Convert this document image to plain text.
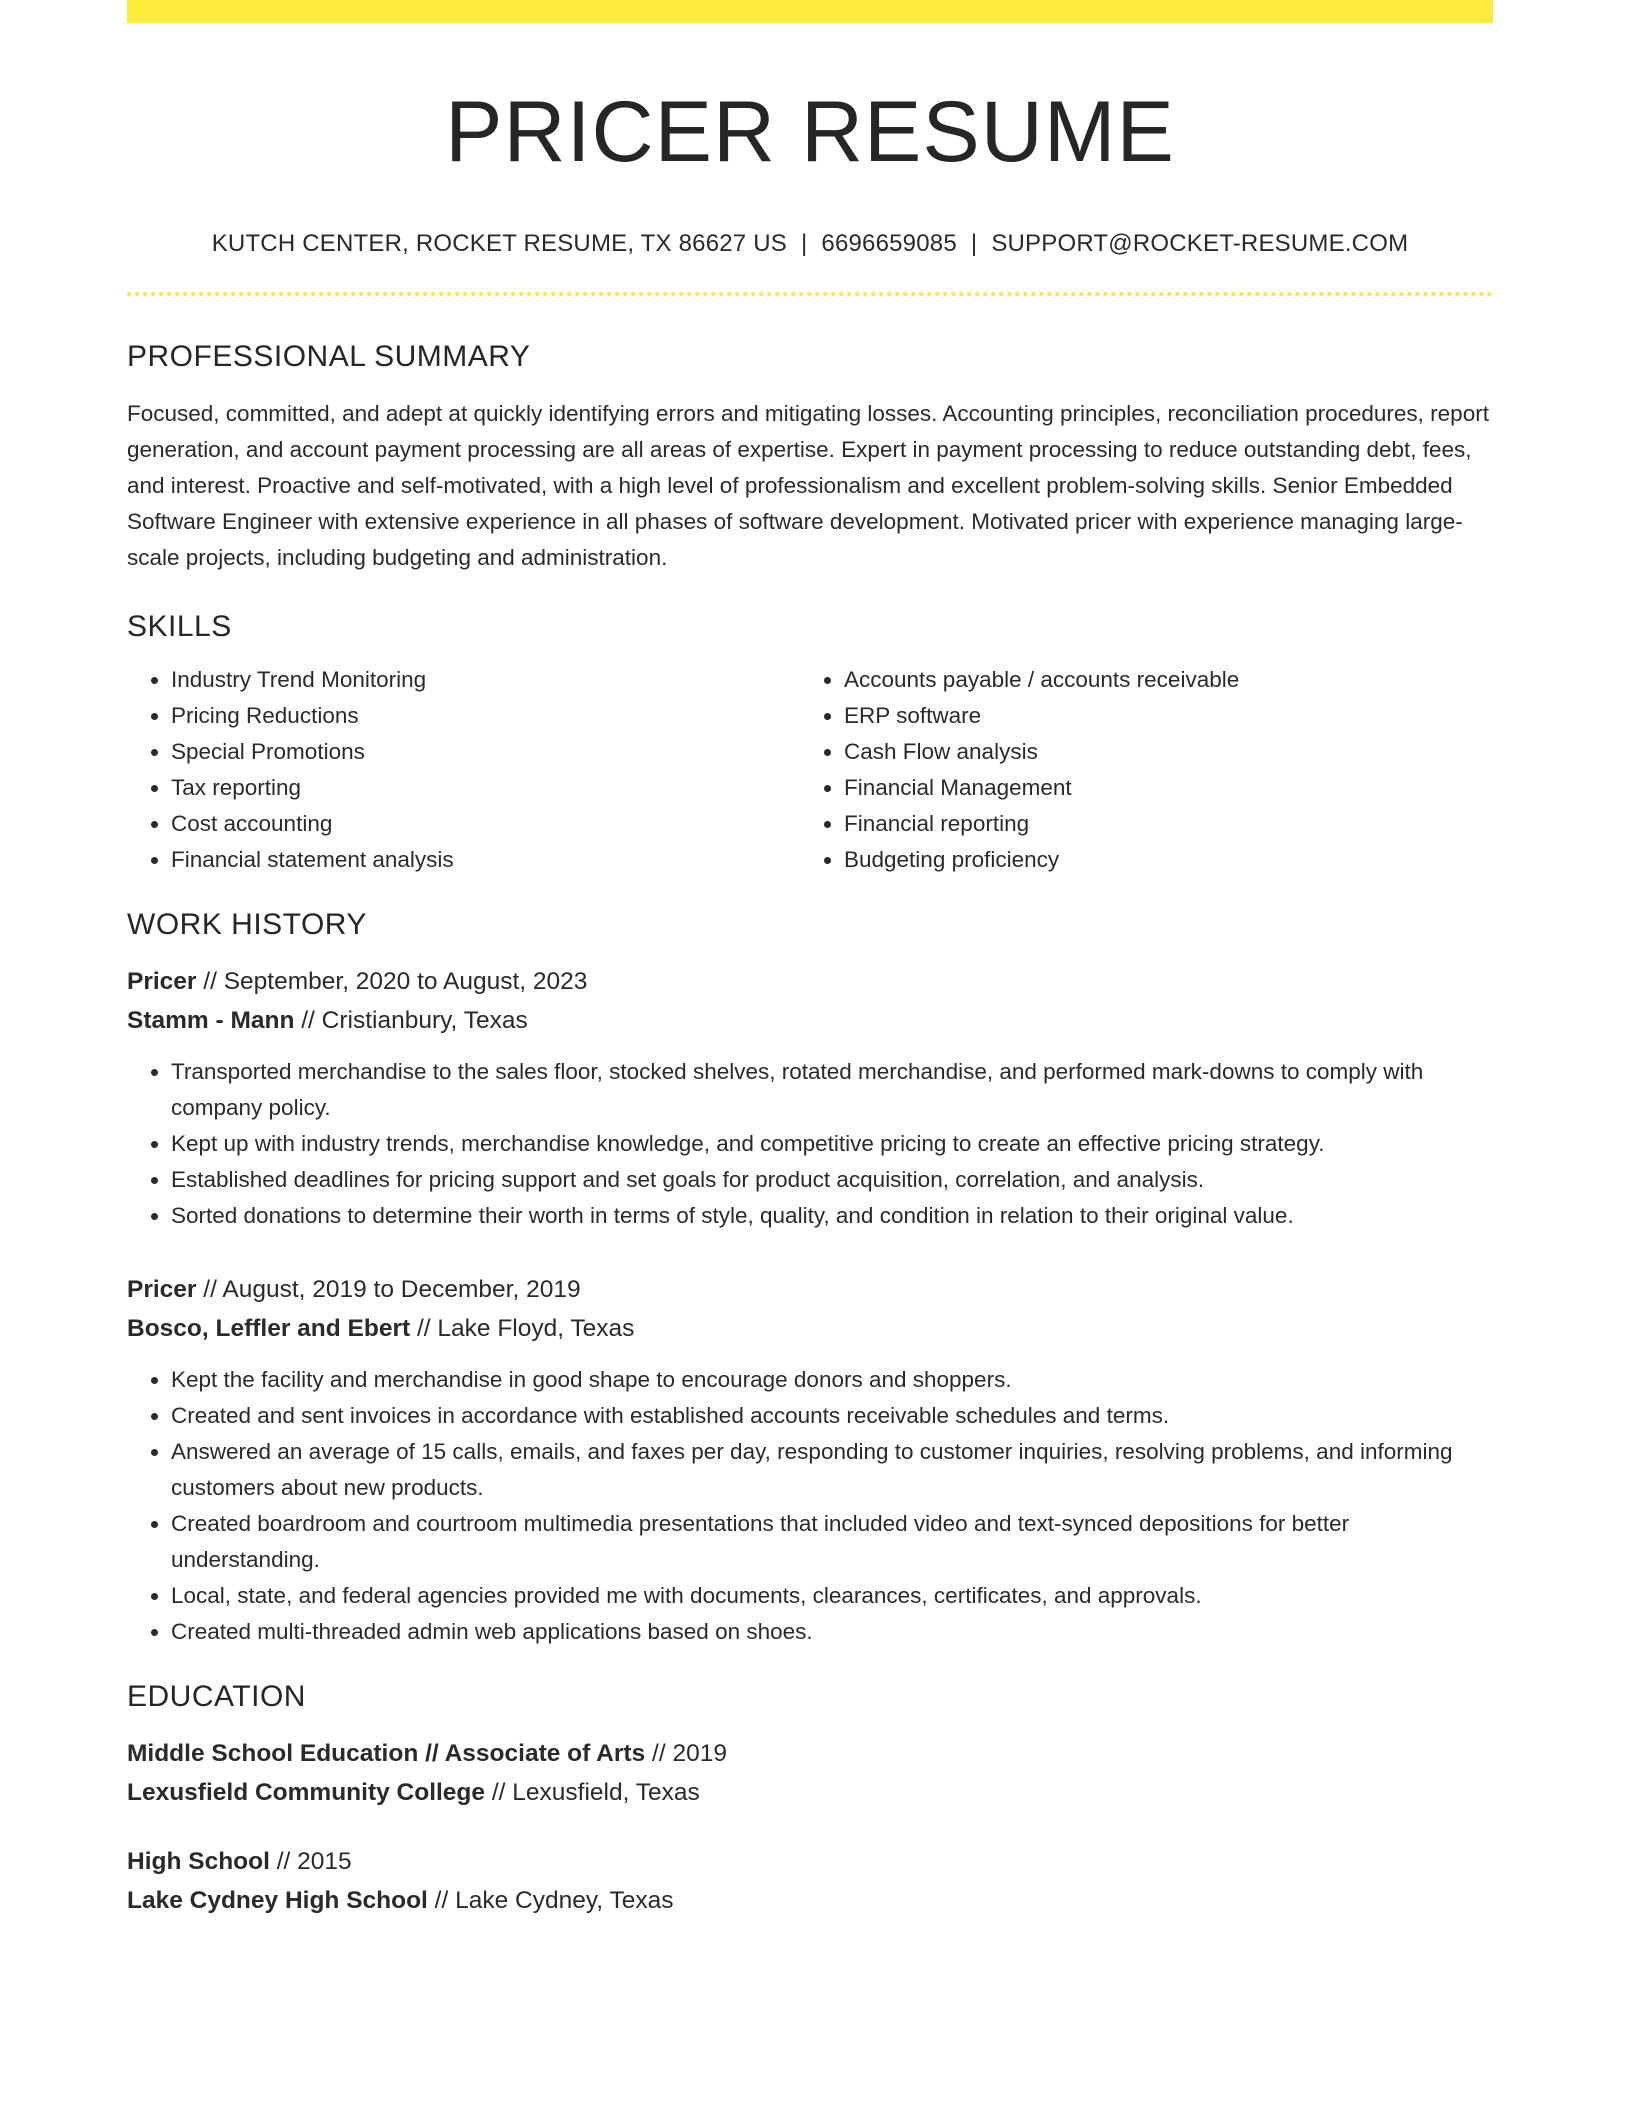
PRICER RESUME
KUTCH CENTER, ROCKET RESUME, TX 86627 US | 6696659085 | SUPPORT@ROCKET-RESUME.COM
PROFESSIONAL SUMMARY

Focused, committed, and adept at quickly identifying errors and mitigating losses. Accounting principles, reconciliation procedures, report generation, and account payment processing are all areas of expertise. Expert in payment processing to reduce outstanding debt, fees, and interest. Proactive and self-motivated, with a high level of professionalism and excellent problem-solving skills. Senior Embedded Software Engineer with extensive experience in all phases of software development. Motivated pricer with experience managing large-scale projects, including budgeting and administration.

SKILLS
• Industry Trend Monitoring
• Pricing Reductions
• Special Promotions
• Tax reporting
• Cost accounting
• Financial statement analysis
• Accounts payable / accounts receivable
• ERP software
• Cash Flow analysis
• Financial Management
• Financial reporting
• Budgeting proficiency
WORK HISTORY
Pricer // September, 2020 to August, 2023
Stamm - Mann // Cristianbury, Texas
• Transported merchandise to the sales floor, stocked shelves, rotated merchandise, and performed mark-downs to comply with company policy.
• Kept up with industry trends, merchandise knowledge, and competitive pricing to create an effective pricing strategy.
• Established deadlines for pricing support and set goals for product acquisition, correlation, and analysis.
• Sorted donations to determine their worth in terms of style, quality, and condition in relation to their original value.
Pricer // August, 2019 to December, 2019
Bosco, Leffler and Ebert // Lake Floyd, Texas
• Kept the facility and merchandise in good shape to encourage donors and shoppers.
• Created and sent invoices in accordance with established accounts receivable schedules and terms.
• Answered an average of 15 calls, emails, and faxes per day, responding to customer inquiries, resolving problems, and informing customers about new products.
• Created boardroom and courtroom multimedia presentations that included video and text-synced depositions for better understanding.
• Local, state, and federal agencies provided me with documents, clearances, certificates, and approvals.
• Created multi-threaded admin web applications based on shoes.
EDUCATION
Middle School Education // Associate of Arts // 2019
Lexusfield Community College // Lexusfield, Texas
High School // 2015
Lake Cydney High School // Lake Cydney, Texas
